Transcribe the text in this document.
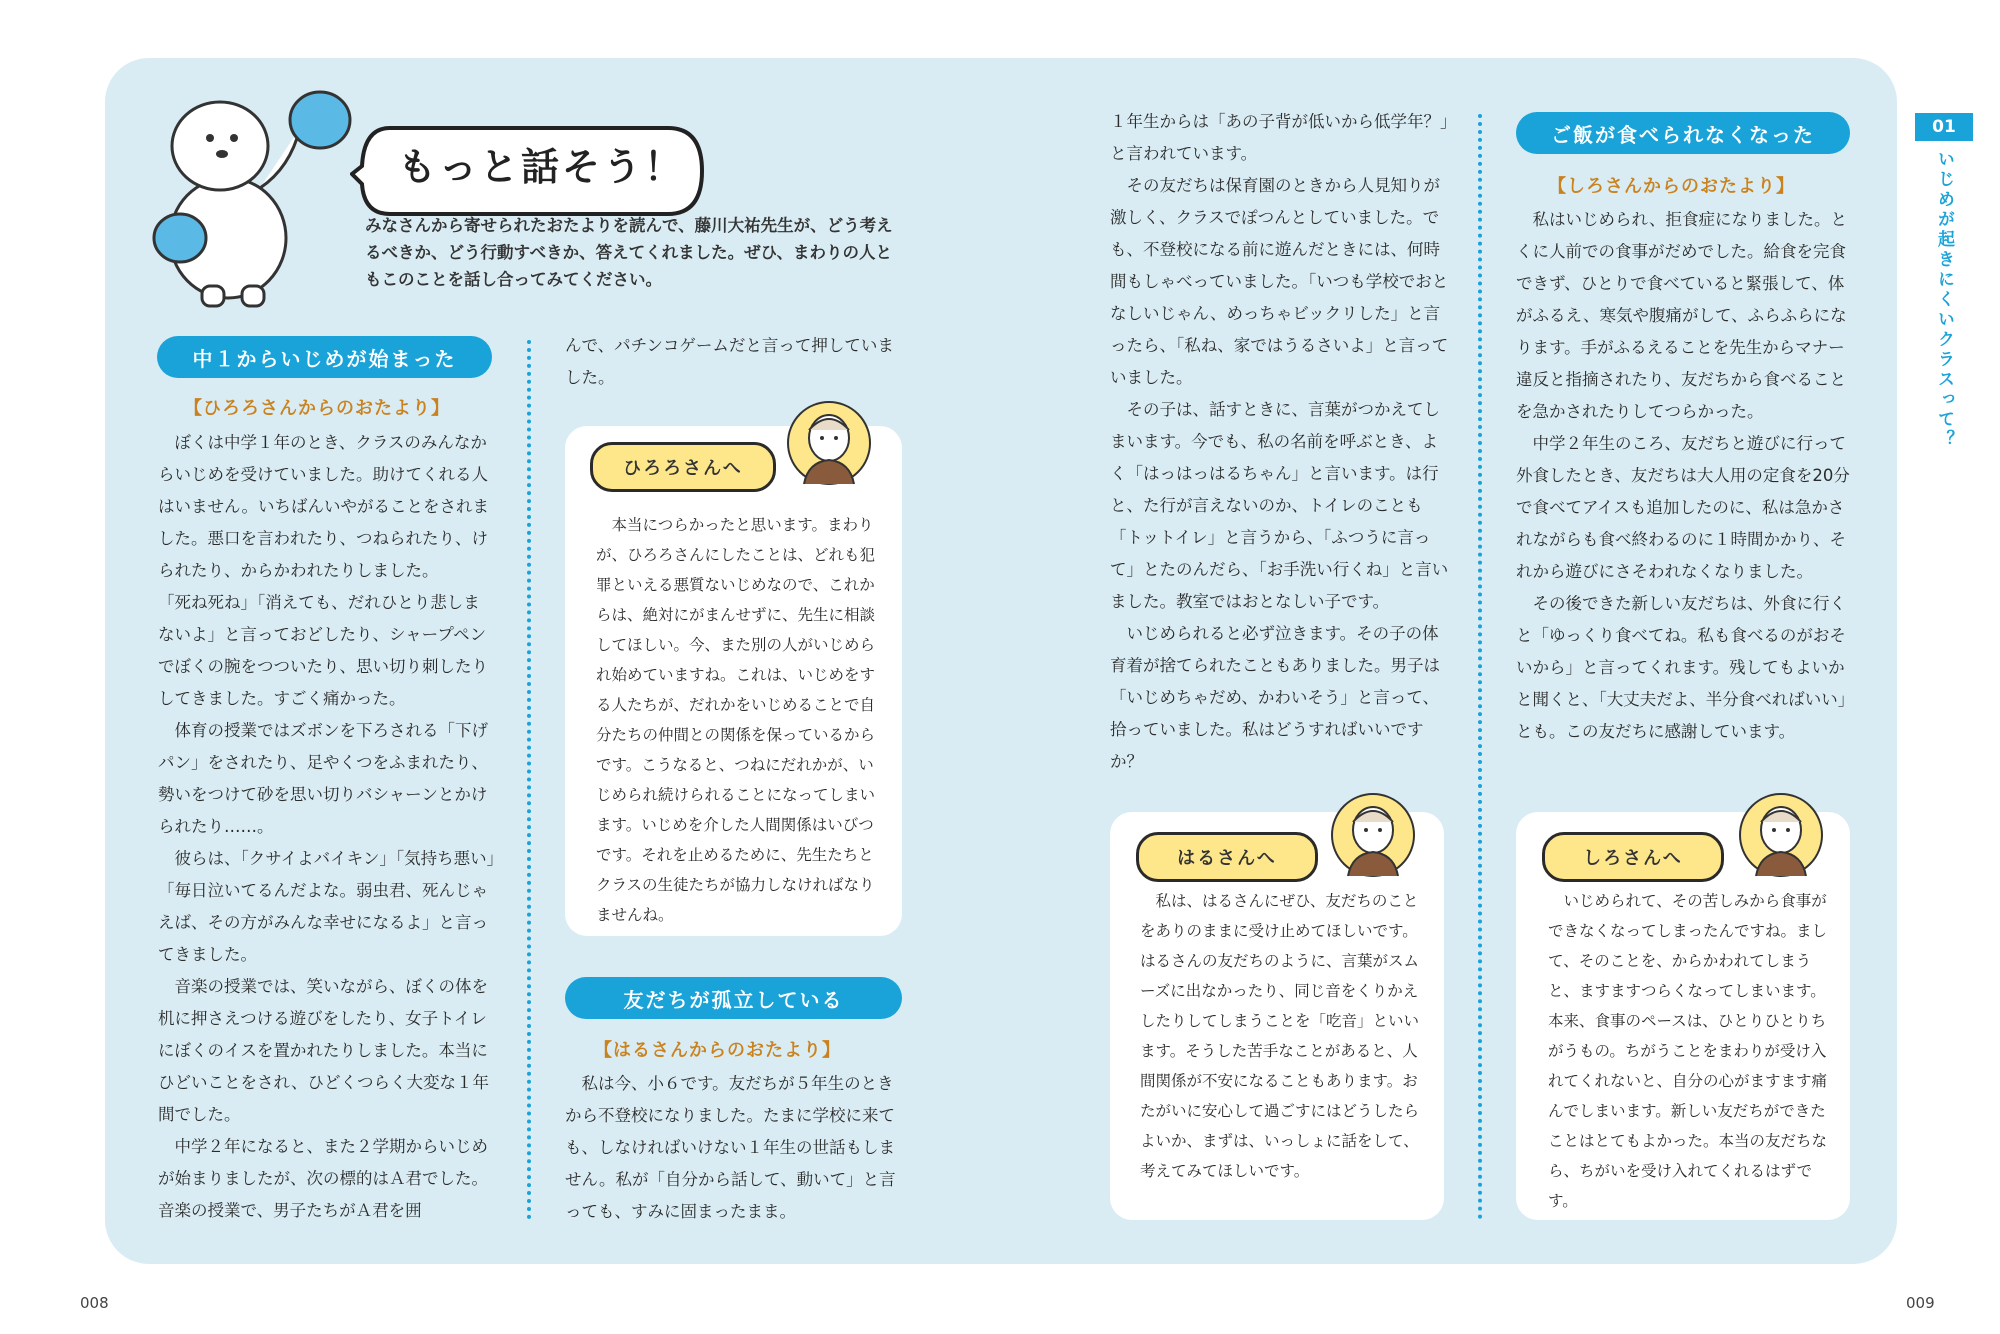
もっと話そう！
みなさんから寄せられたおたよりを読んで、藤川大祐先生が、どう考えるべきか、どう行動すべきか、答えてくれました。ぜひ、まわりの人ともこのことを話し合ってみてください。
中１からいじめが始まった
【ひろろさんからのおたより】

ぼくは中学１年のとき、クラスのみんなからいじめを受けていました。助けてくれる人はいません。いちばんいやがることをされました。悪口を言われたり、つねられたり、けられたり、からかわれたりしました。

「死ね死ね」「消えても、だれひとり悲しまないよ」と言っておどしたり、シャープペンでぼくの腕をつついたり、思い切り刺したりしてきました。すごく痛かった。

体育の授業ではズボンを下ろされる「下げパン」をされたり、足やくつをふまれたり、勢いをつけて砂を思い切りバシャーンとかけられたり……。

彼らは、「クサイよバイキン」「気持ち悪い」「毎日泣いてるんだよな。弱虫君、死んじゃえば、その方がみんな幸せになるよ」と言ってきました。

音楽の授業では、笑いながら、ぼくの体を机に押さえつける遊びをしたり、女子トイレにぼくのイスを置かれたりしました。本当にひどいことをされ、ひどくつらく大変な１年間でした。

中学２年になると、また２学期からいじめが始まりましたが、次の標的はＡ君でした。音楽の授業で、男子たちがＡ君を囲

んで、パチンコゲームだと言って押していました。

ひろろさんへ

本当につらかったと思います。まわりが、ひろろさんにしたことは、どれも犯罪といえる悪質ないじめなので、これからは、絶対にがまんせずに、先生に相談してほしい。今、また別の人がいじめられ始めていますね。これは、いじめをする人たちが、だれかをいじめることで自分たちの仲間との関係を保っているからです。こうなると、つねにだれかが、いじめられ続けられることになってしまいます。いじめを介した人間関係はいびつです。それを止めるために、先生たちとクラスの生徒たちが協力しなければなりませんね。

友だちが孤立している
【はるさんからのおたより】

私は今、小６です。友だちが５年生のときから不登校になりました。たまに学校に来ても、しなければいけない１年生の世話もしません。私が「自分から話して、動いて」と言っても、すみに固まったまま。

１年生からは「あの子背が低いから低学年？」と言われています。

その友だちは保育園のときから人見知りが激しく、クラスでぽつんとしていました。でも、不登校になる前に遊んだときには、何時間もしゃべっていました。「いつも学校でおとなしいじゃん、めっちゃビックリした」と言ったら、「私ね、家ではうるさいよ」と言っていました。

その子は、話すときに、言葉がつかえてしまいます。今でも、私の名前を呼ぶとき、よく「はっはっはるちゃん」と言います。は行と、た行が言えないのか、トイレのことも「トットイレ」と言うから、「ふつうに言って」とたのんだら、「お手洗い行くね」と言いました。教室ではおとなしい子です。

いじめられると必ず泣きます。その子の体育着が捨てられたこともありました。男子は「いじめちゃだめ、かわいそう」と言って、拾っていました。私はどうすればいいですか？

はるさんへ

私は、はるさんにぜひ、友だちのことをありのままに受け止めてほしいです。はるさんの友だちのように、言葉がスムーズに出なかったり、同じ音をくりかえしたりしてしまうことを「吃音」といいます。そうした苦手なことがあると、人間関係が不安になることもあります。おたがいに安心して過ごすにはどうしたらよいか、まずは、いっしょに話をして、考えてみてほしいです。

ご飯が食べられなくなった
【しろさんからのおたより】

私はいじめられ、拒食症になりました。とくに人前での食事がだめでした。給食を完食できず、ひとりで食べていると緊張して、体がふるえ、寒気や腹痛がして、ふらふらになります。手がふるえることを先生からマナー違反と指摘されたり、友だちから食べることを急かされたりしてつらかった。

中学２年生のころ、友だちと遊びに行って外食したとき、友だちは大人用の定食を20分で食べてアイスも追加したのに、私は急かされながらも食べ終わるのに１時間かかり、それから遊びにさそわれなくなりました。

その後できた新しい友だちは、外食に行くと「ゆっくり食べてね。私も食べるのがおそいから」と言ってくれます。残してもよいかと聞くと、「大丈夫だよ、半分食べればいい」とも。この友だちに感謝しています。

しろさんへ

いじめられて、その苦しみから食事ができなくなってしまったんですね。まして、そのことを、からかわれてしまうと、ますますつらくなってしまいます。本来、食事のペースは、ひとりひとりちがうもの。ちがうことをまわりが受け入れてくれないと、自分の心がますます痛んでしまいます。新しい友だちができたことはとてもよかった。本当の友だちなら、ちがいを受け入れてくれるはずです。

01
いじめが起きにくいクラスって？
008	009
